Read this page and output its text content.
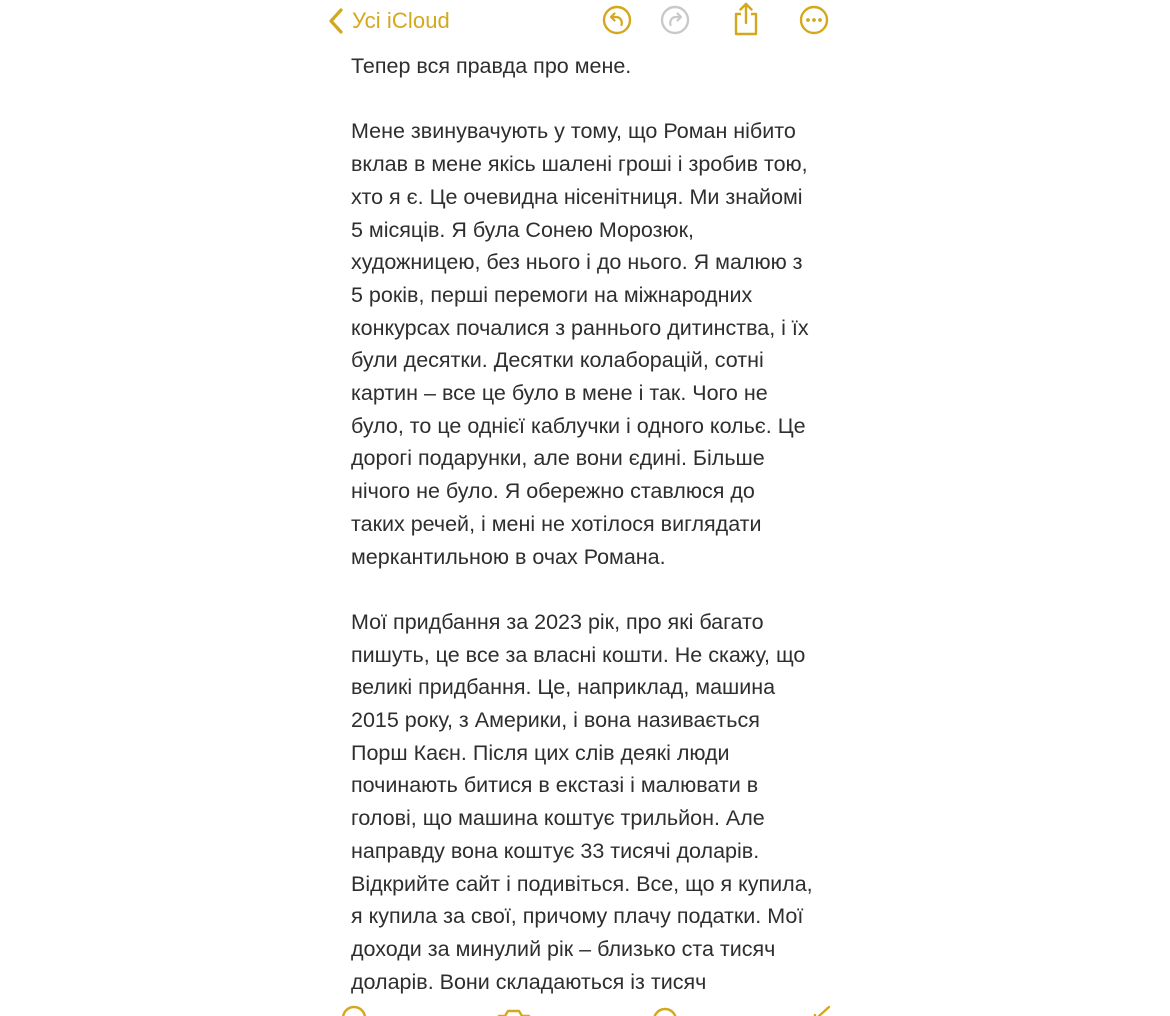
Усі iCloud
Тепер вся правда про мене.
Мене звинувачують у тому, що Роман нібито
вклав в мене якісь шалені гроші і зробив тою,
хто я є. Це очевидна нісенітниця. Ми знайомі
5 місяців. Я була Сонею Морозюк,
художницею, без нього і до нього. Я малюю з
5 років, перші перемоги на міжнародних
конкурсах почалися з раннього дитинства, і їх
були десятки. Десятки колаборацій, сотні
картин – все це було в мене і так. Чого не
було, то це однієї каблучки і одного кольє. Це
дорогі подарунки, але вони єдині. Більше
нічого не було. Я обережно ставлюся до
таких речей, і мені не хотілося виглядати
меркантильною в очах Романа.
Мої придбання за 2023 рік, про які багато
пишуть, це все за власні кошти. Не скажу, що
великі придбання. Це, наприклад, машина
2015 року, з Америки, і вона називається
Порш Каєн. Після цих слів деякі люди
починають битися в екстазі і малювати в
голові, що машина коштує трильйон. Але
направду вона коштує 33 тисячі доларів.
Відкрийте сайт і подивіться. Все, що я купила,
я купила за свої, причому плачу податки. Мої
доходи за минулий рік – близько ста тисяч
доларів. Вони складаються із тисяч
